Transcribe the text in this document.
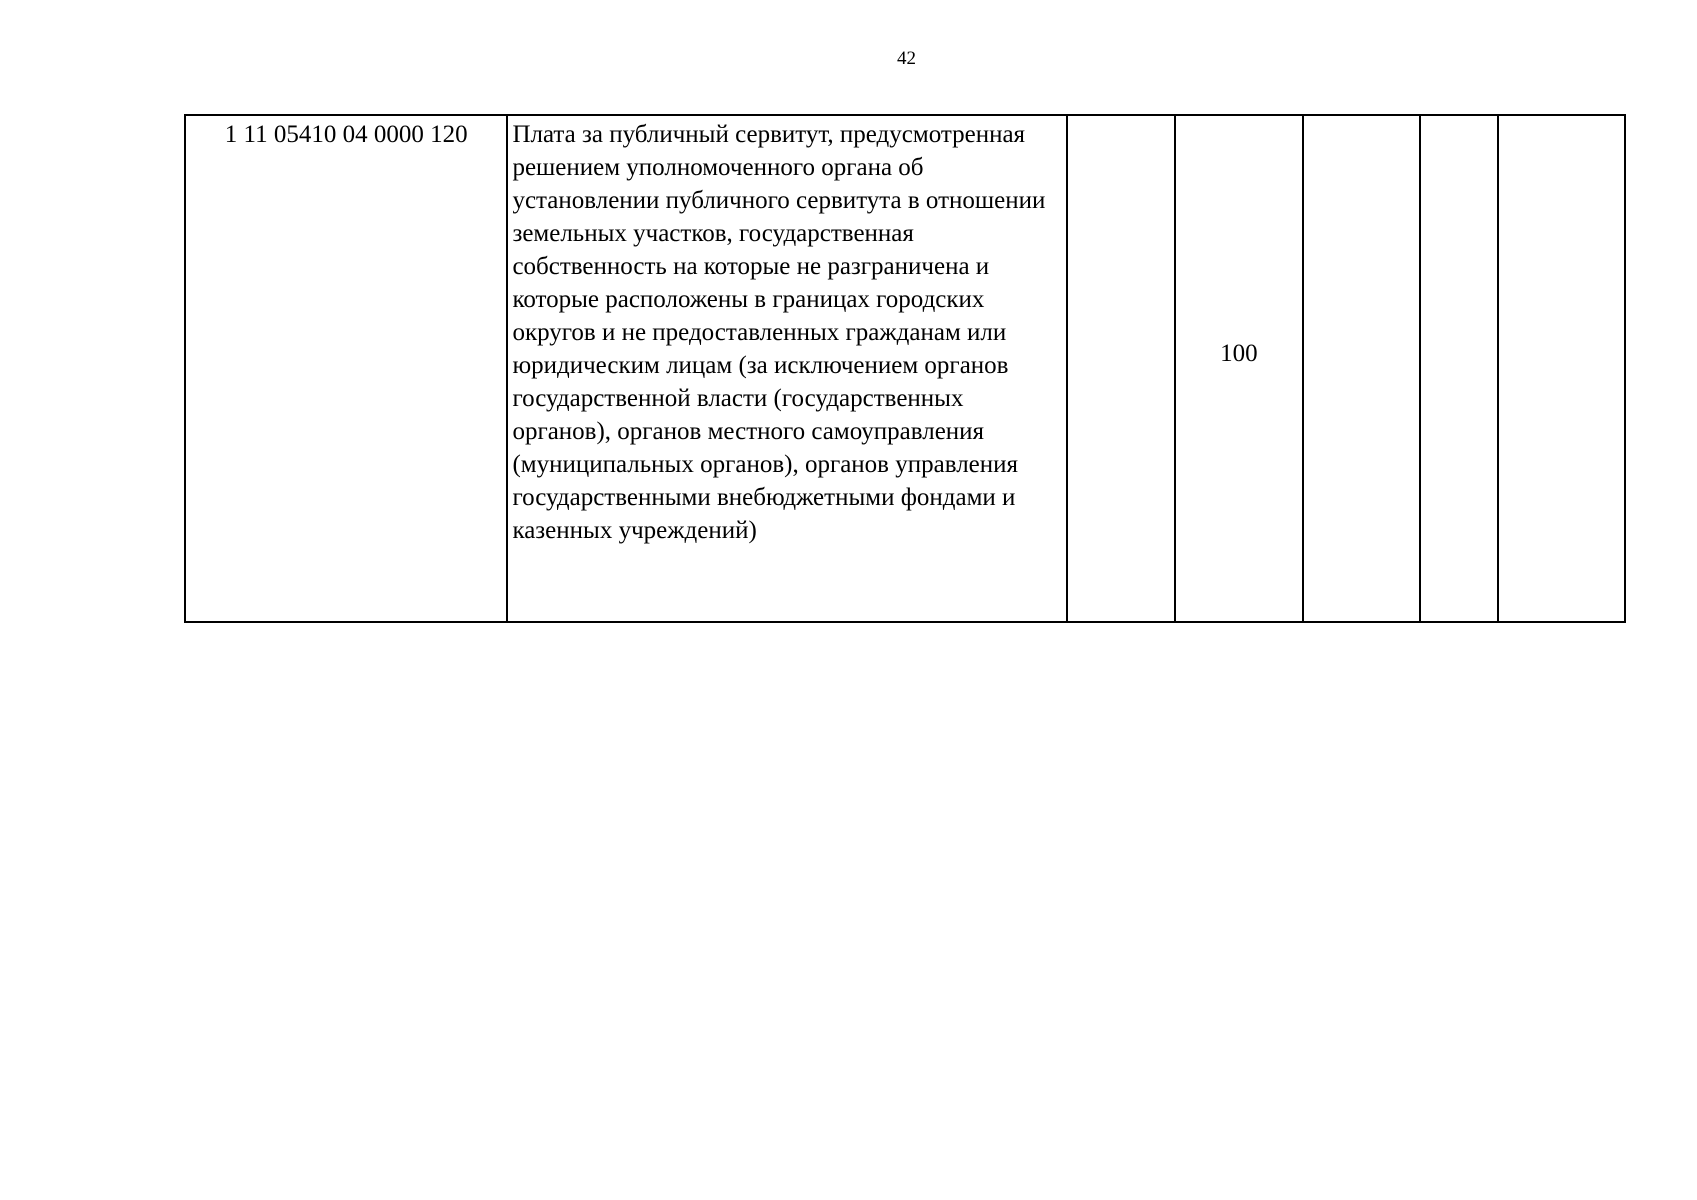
42
1 11 05410 04 0000 120	Плата за публичный сервитут, предусмотренная решением уполномоченного органа об установлении публичного сервитута в отношении земельных участков, государственная собственность на которые не разграничена и которые расположены в границах городских округов и не предоставленных гражданам или юридическим лицам (за исключением органов государственной власти (государственных органов), органов местного самоуправления (муниципальных органов), органов управления государственными внебюджетными фондами и казенных учреждений)		100			
